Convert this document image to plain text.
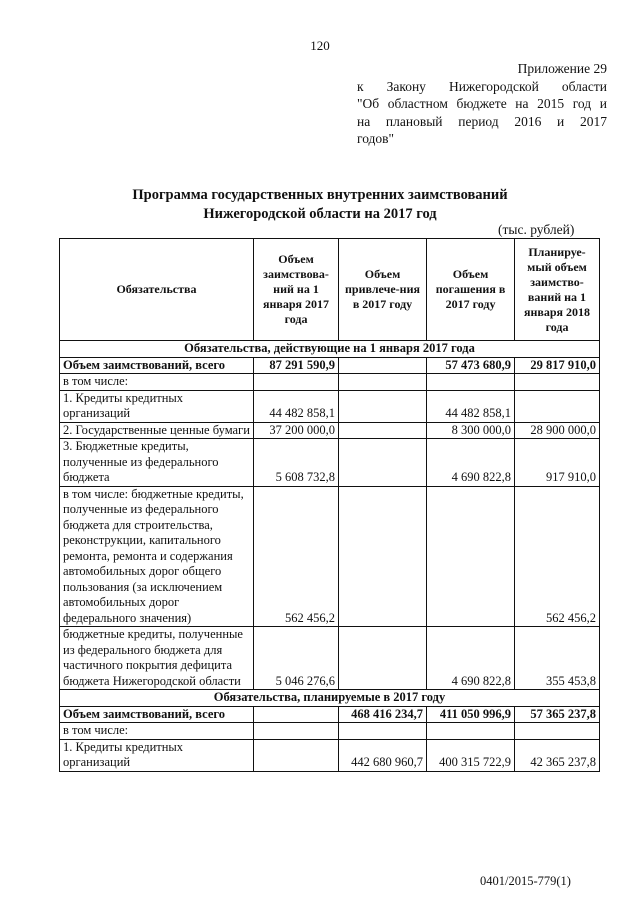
120
Приложение 29
к Закону Нижегородской области
"Об областном бюджете на 2015 год и
на плановый период 2016 и 2017
годов"
Программа государственных внутренних заимствований
Нижегородской области на 2017 год
(тыс. рублей)
Обязательства	Объем заимствова-ний на 1 января 2017 года	Объем привлече-ния в 2017 году	Объем погашения в 2017 году	Планируе-мый объем заимство-ваний на 1 января 2018 года
Обязательства, действующие на 1 января 2017 года				
Объем заимствований, всего	87 291 590,9		57 473 680,9	29 817 910,0
в том числе:				
1. Кредиты кредитных организаций	44 482 858,1		44 482 858,1	
2. Государственные ценные бумаги	37 200 000,0		8 300 000,0	28 900 000,0
3. Бюджетные кредиты, полученные из федерального бюджета	5 608 732,8		4 690 822,8	917 910,0
в том числе: бюджетные кредиты, полученные из федерального бюджета для строительства, реконструкции, капитального ремонта, ремонта и содержания автомобильных дорог общего пользования (за исключением автомобильных дорог федерального значения)	562 456,2			562 456,2
бюджетные кредиты, полученные из федерального бюджета для частичного покрытия дефицита бюджета Нижегородской области	5 046 276,6		4 690 822,8	355 453,8
Обязательства, планируемые в 2017 году				
Объем заимствований, всего		468 416 234,7	411 050 996,9	57 365 237,8
в том числе:				
1. Кредиты кредитных организаций		442 680 960,7	400 315 722,9	42 365 237,8
0401/2015-779(1)
